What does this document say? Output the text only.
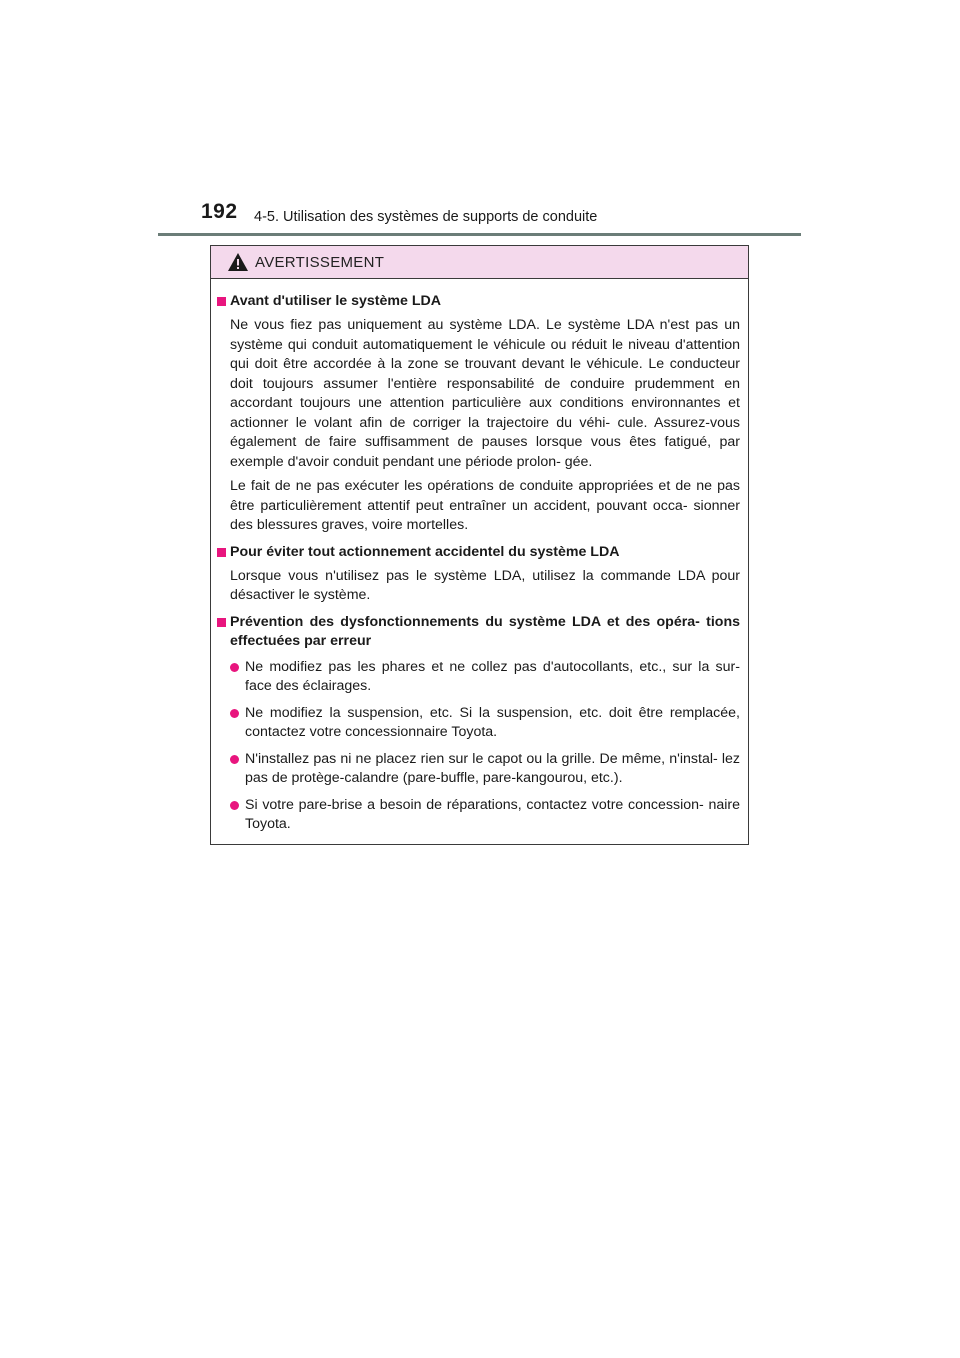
192 4-5. Utilisation des systèmes de supports de conduite
AVERTISSEMENT
Avant d'utiliser le système LDA
Ne vous fiez pas uniquement au système LDA. Le système LDA n'est pas un système qui conduit automatiquement le véhicule ou réduit le niveau d'attention qui doit être accordée à la zone se trouvant devant le véhicule. Le conducteur doit toujours assumer l'entière responsabilité de conduire prudemment en accordant toujours une attention particulière aux conditions environnantes et actionner le volant afin de corriger la trajectoire du véhi- cule. Assurez-vous également de faire suffisamment de pauses lorsque vous êtes fatigué, par exemple d'avoir conduit pendant une période prolon- gée.
Le fait de ne pas exécuter les opérations de conduite appropriées et de ne pas être particulièrement attentif peut entraîner un accident, pouvant occa- sionner des blessures graves, voire mortelles.
Pour éviter tout actionnement accidentel du système LDA
Lorsque vous n'utilisez pas le système LDA, utilisez la commande LDA pour désactiver le système.
Prévention des dysfonctionnements du système LDA et des opéra- tions effectuées par erreur
Ne modifiez pas les phares et ne collez pas d'autocollants, etc., sur la sur- face des éclairages.
Ne modifiez la suspension, etc. Si la suspension, etc. doit être remplacée, contactez votre concessionnaire Toyota.
N'installez pas ni ne placez rien sur le capot ou la grille. De même, n'instal- lez pas de protège-calandre (pare-buffle, pare-kangourou, etc.).
Si votre pare-brise a besoin de réparations, contactez votre concession- naire Toyota.
